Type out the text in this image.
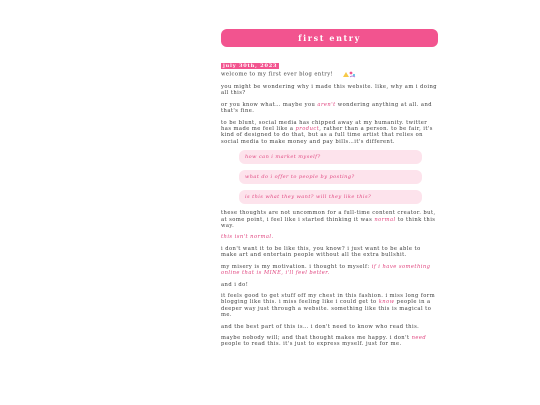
first entry
july 30th, 2023

welcome to my first ever blog entry!

you might be wondering why i made this website. like, why am i doing all this?

or you know what… maybe you aren't wondering anything at all. and that's fine.

to be blunt, social media has chipped away at my humanity. twitter has made me feel like a product, rather than a person. to be fair, it's kind of designed to do that, but as a full time artist that relies on social media to make money and pay bills…it's different.

how can i market myself?
what do i offer to people by posting?
is this what they want? will they like this?

these thoughts are not uncommon for a full-time content creator. but, at some point, i feel like i started thinking it was normal to think this way.

this isn't normal.

i don't want it to be like this, you know? i just want to be able to make art and entertain people without all the extra bullshit.

my misery is my motivation. i thought to myself: if i have something online that is MINE, i'll feel better.

and i do!

it feels good to get stuff off my chest in this fashion. i miss long form blogging like this. i miss feeling like i could get to know people in a deeper way just through a website. something like this is magical to me.

and the best part of this is… i don't need to know who read this.

maybe nobody will; and that thought makes me happy. i don't need people to read this. it's just to express myself. just for me.
